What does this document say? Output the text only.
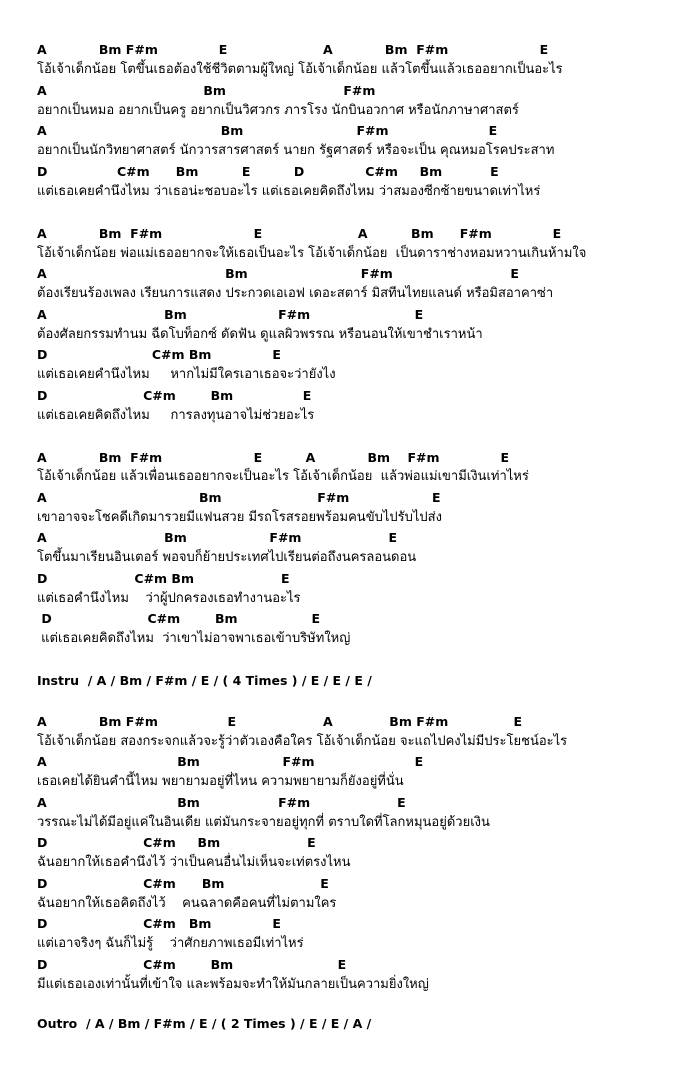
A            Bm F#m              E                      A            Bm  F#m                     E

โอ้เจ้าเด็กน้อย โตขึ้นเธอต้องใช้ชีวิตตามผู้ใหญ่ โอ้เจ้าเด็กน้อย แล้วโตขึ้นแล้วเธออยากเป็นอะไร

A                                    Bm                           F#m

อยากเป็นหมอ อยากเป็นครู อยากเป็นวิศวกร ภารโรง นักบินอวกาศ หรือนักภาษาศาสตร์

A                                        Bm                          F#m                       E

อยากเป็นนักวิทยาศาสตร์ นักวารสารศาสตร์ นายก รัฐศาสตร์ หรือจะเป็น คุณหมอโรคประสาท

D                C#m      Bm          E          D              C#m     Bm           E

แต่เธอเคยคำนึงไหม ว่าเธอน่ะชอบอะไร แต่เธอเคยคิดถึงไหม ว่าสมองซีกซ้ายขนาดเท่าไหร่

A            Bm  F#m                     E                      A          Bm      F#m              E

โอ้เจ้าเด็กน้อย พ่อแม่เธออยากจะให้เธอเป็นอะไร โอ้เจ้าเด็กน้อย  เป็นดาราช่างหอมหวานเกินห้ามใจ

A                                         Bm                          F#m                           E

ต้องเรียนร้องเพลง เรียนการแสดง ประกวดเอเอฟ เดอะสตาร์ มิสทีนไทยแลนด์ หรือมิสอาคาซ่า

A                           Bm                     F#m                        E

ต้องศัลยกรรมทำนม ฉีดโบท็อกซ์ ดัดฟัน ดูแลผิวพรรณ หรือนอนให้เขาชำเราหน้า

D                        C#m Bm              E

แต่เธอเคยคำนึงไหม     หากไม่มีใครเอาเธอจะว่ายังไง

D                      C#m        Bm                E

แต่เธอเคยคิดถึงไหม     การลงทุนอาจไม่ช่วยอะไร

A            Bm  F#m                     E          A            Bm    F#m              E

โอ้เจ้าเด็กน้อย แล้วเพื่อนเธออยากจะเป็นอะไร โอ้เจ้าเด็กน้อย  แล้วพ่อแม่เขามีเงินเท่าไหร่

A                                   Bm                      F#m                   E

เขาอาจจะโชคดีเกิดมารวยมีแฟนสวย มีรถโรสรอยพร้อมคนขับไปรับไปส่ง

A                           Bm                   F#m                    E

โตขึ้นมาเรียนอินเตอร์ พอจบก็ย้ายประเทศไปเรียนต่อถึงนครลอนดอน

D                    C#m Bm                    E

แต่เธอคำนึงไหม    ว่าผู้ปกครองเธอทำงานอะไร

D                      C#m        Bm                 E

แต่เธอเคยคิดถึงไหม  ว่าเขาไม่อาจพาเธอเข้าบริษัทใหญ่

Instru  / A / Bm / F#m / E / ( 4 Times ) / E / E / E /

A            Bm F#m                E                    A             Bm F#m               E

โอ้เจ้าเด็กน้อย สองกระจกแล้วจะรู้ว่าตัวเองคือใคร โอ้เจ้าเด็กน้อย จะแถไปคงไม่มีประโยชน์อะไร

A                              Bm                   F#m                       E

เธอเคยได้ยินคำนี้ไหม พยายามอยู่ที่ไหน ความพยายามก็ยังอยู่ที่นั่น

A                              Bm                  F#m                    E

วรรณะไม่ได้มีอยู่แค่ในอินเดีย แต่มันกระจายอยู่ทุกที่ ตราบใดที่โลกหมุนอยู่ด้วยเงิน

D                      C#m     Bm                    E

ฉันอยากให้เธอคำนึงไว้ ว่าเป็นคนอื่นไม่เห็นจะเท่ตรงไหน

D                      C#m      Bm                      E

ฉันอยากให้เธอคิดถึงไว้    คนฉลาดคือคนที่ไม่ตามใคร

D                      C#m   Bm              E

แต่เอาจริงๆ ฉันก็ไม่รู้    ว่าศักยภาพเธอมีเท่าไหร่

D                      C#m        Bm                        E

มีแต่เธอเองเท่านั้นที่เข้าใจ และพร้อมจะทำให้มันกลายเป็นความยิ่งใหญ่

Outro  / A / Bm / F#m / E / ( 2 Times ) / E / E / A /
